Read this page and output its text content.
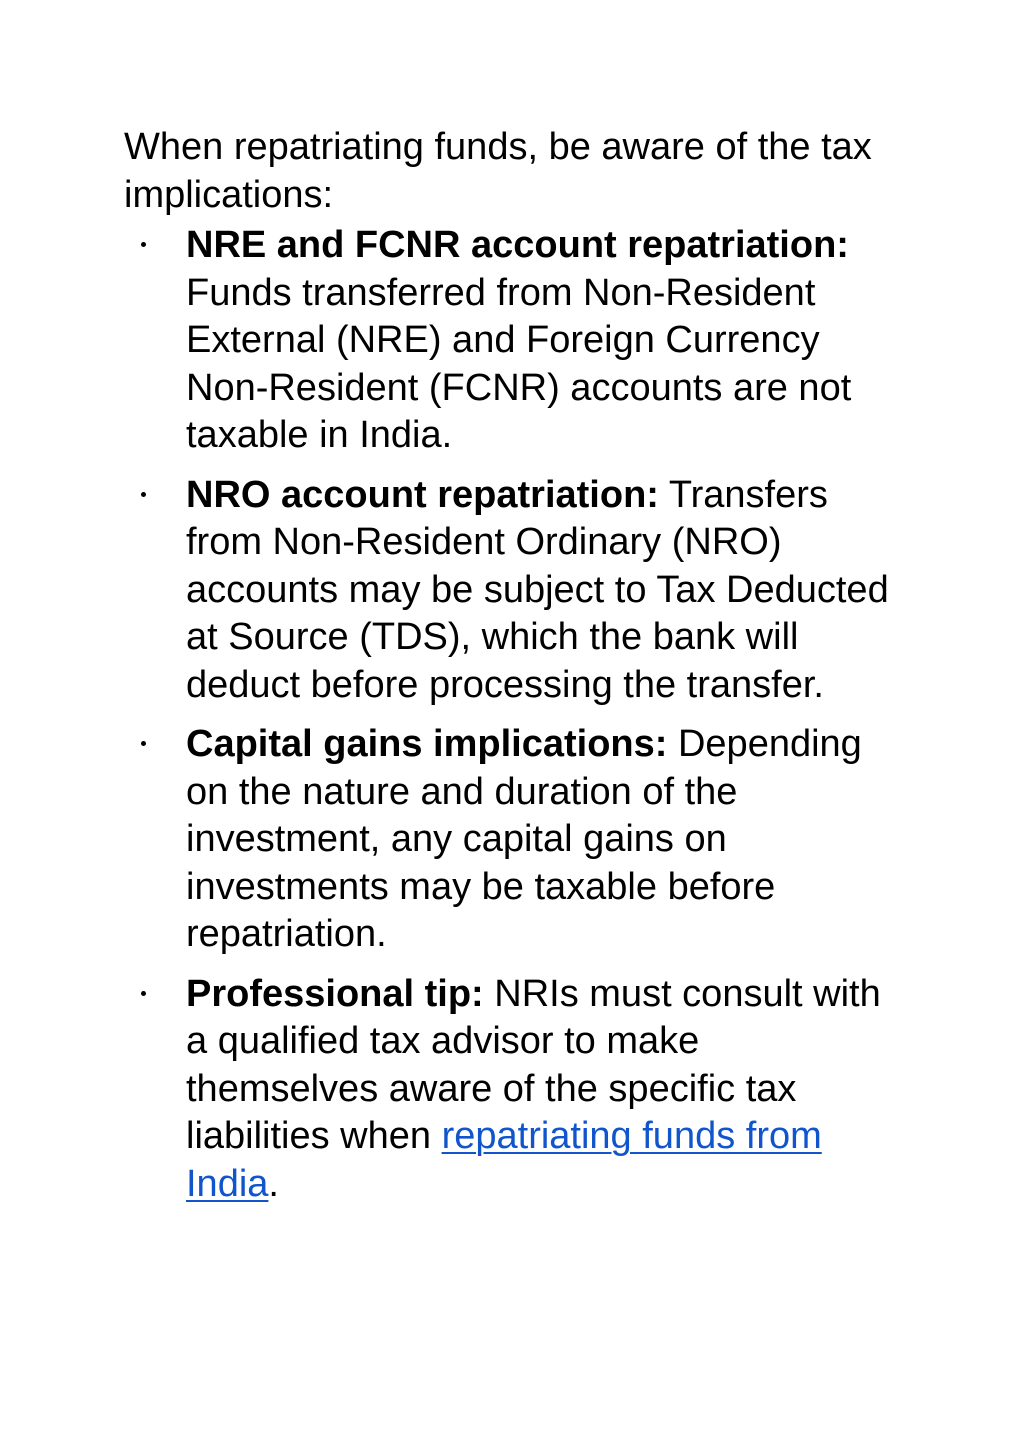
When repatriating funds, be aware of the tax implications:

NRE and FCNR account repatriation: Funds transferred from Non-Resident External (NRE) and Foreign Currency Non-Resident (FCNR) accounts are not taxable in India.
NRO account repatriation: Transfers from Non-Resident Ordinary (NRO) accounts may be subject to Tax Deducted at Source (TDS), which the bank will deduct before processing the transfer.
Capital gains implications: Depending on the nature and duration of the investment, any capital gains on investments may be taxable before repatriation.
Professional tip: NRIs must consult with a qualified tax advisor to make themselves aware of the specific tax liabilities when repatriating funds from India.
